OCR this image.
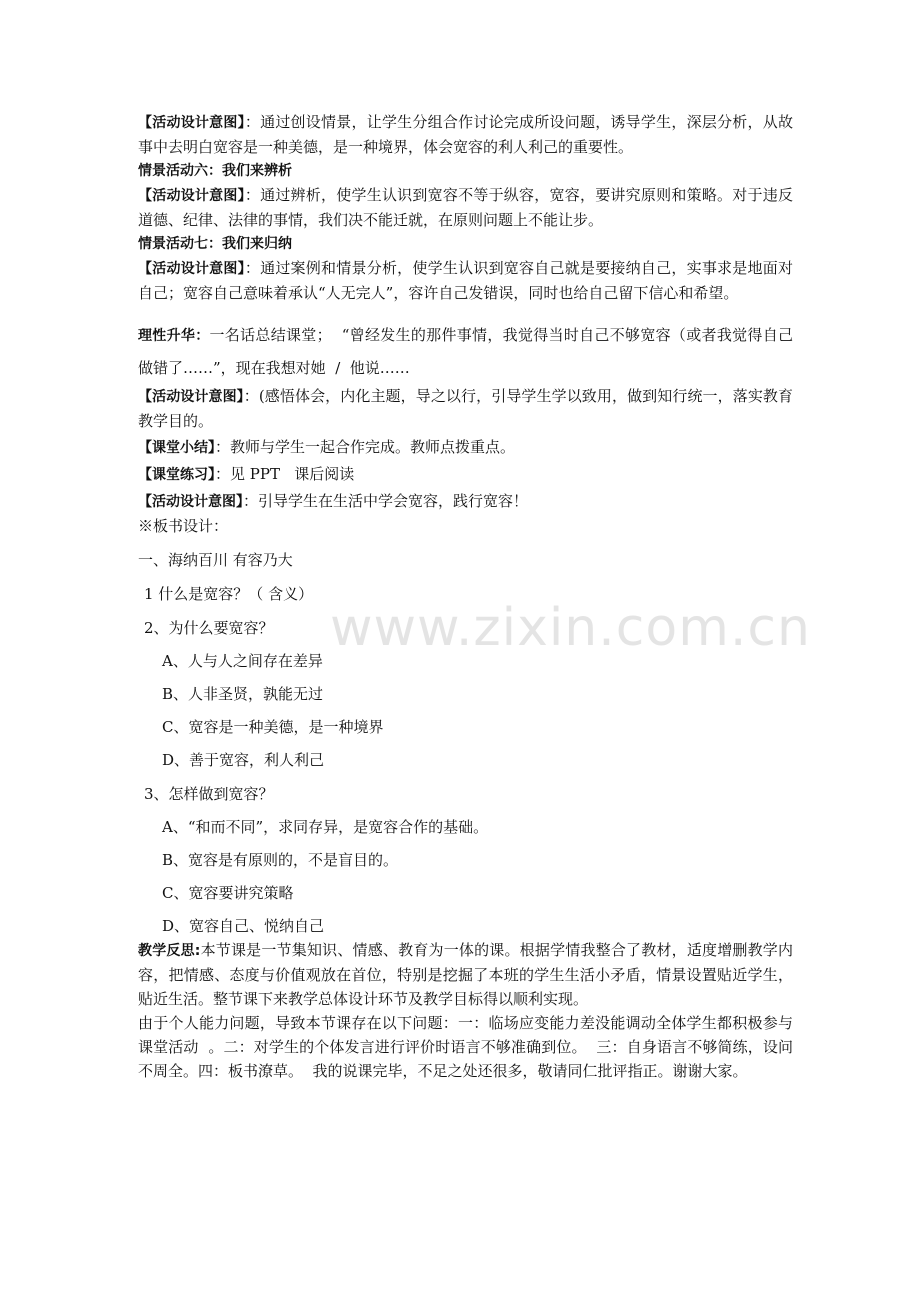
www.zixin.com.cn

【活动设计意图】：通过创设情景，让学生分组合作讨论完成所设问题，诱导学生，深层分析，从故事中去明白宽容是一种美德，是一种境界，体会宽容的利人利己的重要性。

情景活动六：我们来辨析

【活动设计意图】：通过辨析，使学生认识到宽容不等于纵容，宽容，要讲究原则和策略。对于违反道德、纪律、法律的事情，我们决不能迁就，在原则问题上不能让步。

情景活动七：我们来归纳

【活动设计意图】：通过案例和情景分析，使学生认识到宽容自己就是要接纳自己，实事求是地面对自己；宽容自己意味着承认“人无完人”，容许自己发错误，同时也给自己留下信心和希望。

理性升华：一名话总结课堂；  “曾经发生的那件事情，我觉得当时自己不够宽容（或者我觉得自己做错了……”，现在我想对她  /  他说……

【活动设计意图】：(感悟体会，内化主题，导之以行，引导学生学以致用，做到知行统一，落实教育教学目的。

【课堂小结】：教师与学生一起合作完成。教师点拨重点。

【课堂练习】：见 PPT   课后阅读

【活动设计意图】：引导学生在生活中学会宽容，践行宽容！

※板书设计：

一、海纳百川 有容乃大

1 什么是宽容？（ 含义）

2、为什么要宽容？

A、人与人之间存在差异

B、人非圣贤，孰能无过

C、宽容是一种美德，是一种境界

D、善于宽容，利人利己

3、怎样做到宽容？

A、“和而不同”，求同存异，是宽容合作的基础。

B、宽容是有原则的，不是盲目的。

C、宽容要讲究策略

D、宽容自己、悦纳自己

教学反思:本节课是一节集知识、情感、教育为一体的课。根据学情我整合了教材，适度增删教学内容，把情感、态度与价值观放在首位，特别是挖掘了本班的学生生活小矛盾，情景设置贴近学生，贴近生活。整节课下来教学总体设计环节及教学目标得以顺利实现。

由于个人能力问题，导致本节课存在以下问题：一：临场应变能力差没能调动全体学生都积极参与课堂活动  。二：对学生的个体发言进行评价时语言不够准确到位。  三：自身语言不够简练，设问不周全。四：板书潦草。  我的说课完毕，不足之处还很多，敬请同仁批评指正。谢谢大家。
